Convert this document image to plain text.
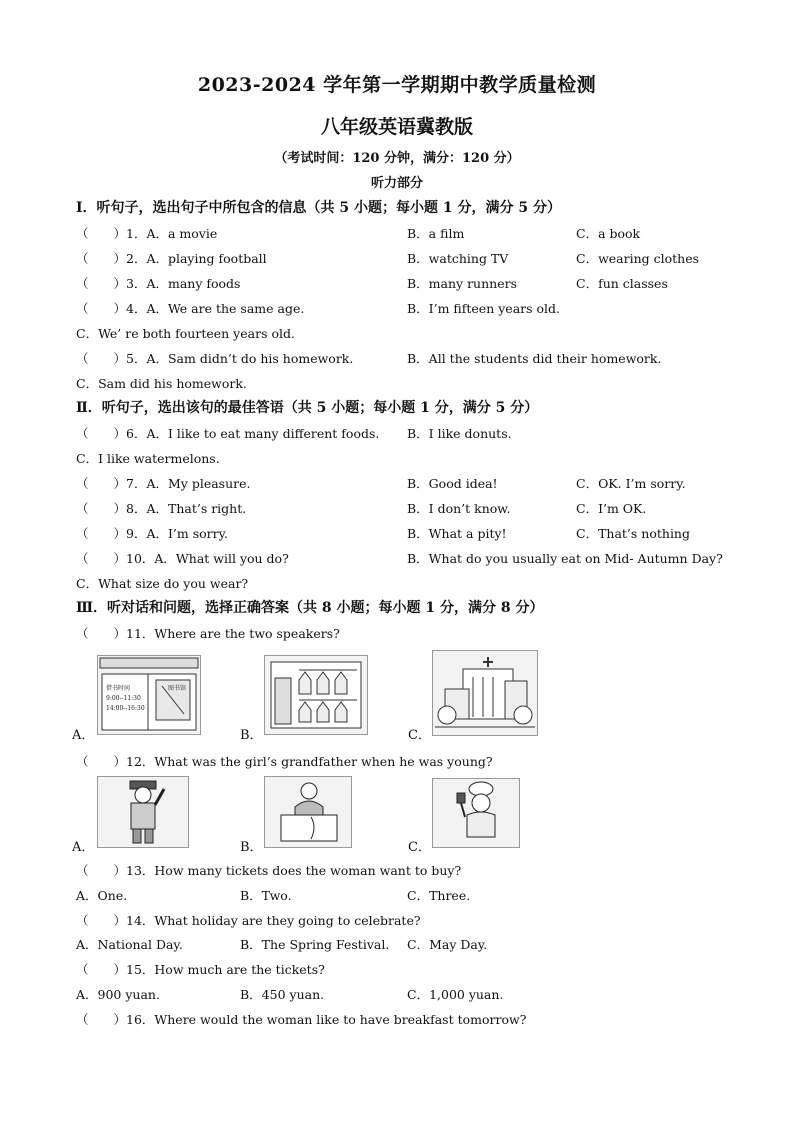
2023-2024 学年第一学期期中教学质量检测
八年级英语冀教版
（考试时间：120 分钟，满分：120 分）
听力部分
Ⅰ．听句子，选出句子中所包含的信息（共 5 小题；每小题 1 分，满分 5 分）
（　　）1．A．a movie	B．a film	C．a book
（　　）2．A．playing football	B．watching TV	C．wearing clothes
（　　）3．A．many foods	B．many runners	C．fun classes
（　　）4．A．We are the same age.	B．I’m fifteen years old.
C．We’ re both fourteen years old.
（　　）5．A．Sam didn’t do his homework.	B．All the students did their homework.
C．Sam did his homework.
Ⅱ．听句子，选出该句的最佳答语（共 5 小题；每小题 1 分，满分 5 分）
（　　）6．A．I like to eat many different foods. B．I like donuts.
C．I like watermelons.
（　　）7．A．My pleasure.	B．Good idea!	C．OK. I’m sorry.
（　　）8．A．That’s right.	B．I don’t know.	C．I’m OK.
（　　）9．A．I’m sorry.	B．What a pity!	C．That’s nothing
（　　）10．A．What will you do?	B．What do you usually eat on Mid- Autumn Day?
C．What size do you wear?
Ⅲ．听对话和问题，选择正确答案（共 8 小题；每小题 1 分，满分 8 分）
（　　）11．Where are the two speakers?
图书馆
借书时间
9:00--11:30
14:00--16:30
A．	B．	C．
（　　）12．What was the girl’s grandfather when he was young?
A．	B．	C．
（　　）13．How many tickets does the woman want to buy?
A．One.	B．Two.	C．Three.
（　　）14．What holiday are they going to celebrate?
A．National Day.	B．The Spring Festival. C．May Day.
（　　）15．How much are the tickets?
A．900 yuan.	B．450 yuan.	C．1,000 yuan.
（　　）16．Where would the woman like to have breakfast tomorrow?
